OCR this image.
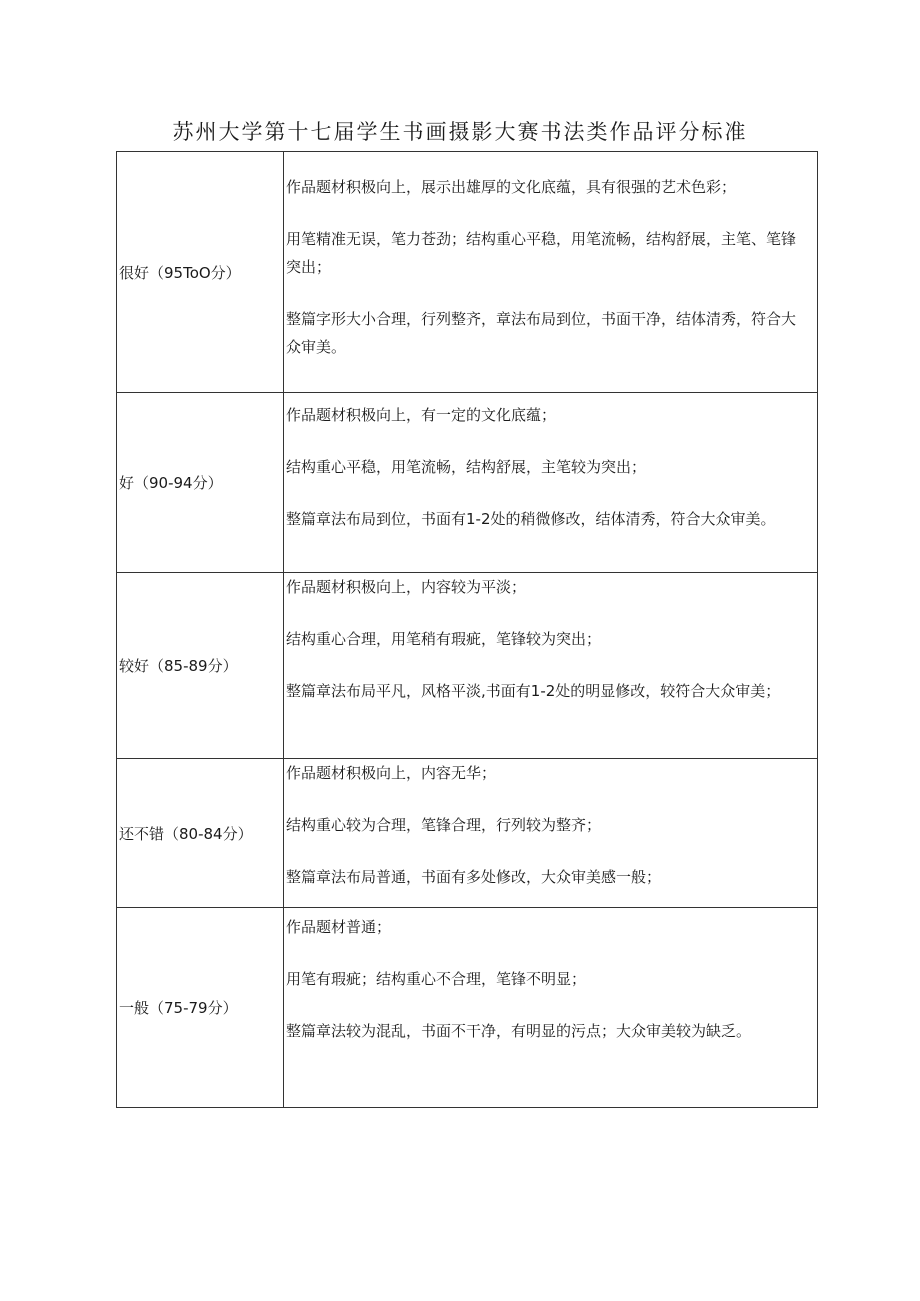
苏州大学第十七届学生书画摄影大赛书法类作品评分标准
很好（95ToO分）	作品题材积极向上，展示出雄厚的文化底蕴，具有很强的艺术色彩；

用笔精准无误，笔力苍劲；结构重心平稳，用笔流畅，结构舒展，主笔、笔锋突出；

整篇字形大小合理，行列整齐，章法布局到位，书面干净，结体清秀，符合大众审美。

好（90-94分）	作品题材积极向上，有一定的文化底蕴；

结构重心平稳，用笔流畅，结构舒展，主笔较为突出；

整篇章法布局到位，书面有1-2处的稍微修改，结体清秀，符合大众审美。

较好（85-89分）	作品题材积极向上，内容较为平淡；

结构重心合理，用笔稍有瑕疵，笔锋较为突出；

整篇章法布局平凡，风格平淡,书面有1-2处的明显修改，较符合大众审美；

还不错（80-84分）	作品题材积极向上，内容无华；

结构重心较为合理，笔锋合理，行列较为整齐；

整篇章法布局普通，书面有多处修改，大众审美感一般；

一般（75-79分）	作品题材普通；

用笔有瑕疵；结构重心不合理，笔锋不明显；

整篇章法较为混乱，书面不干净，有明显的污点；大众审美较为缺乏。
